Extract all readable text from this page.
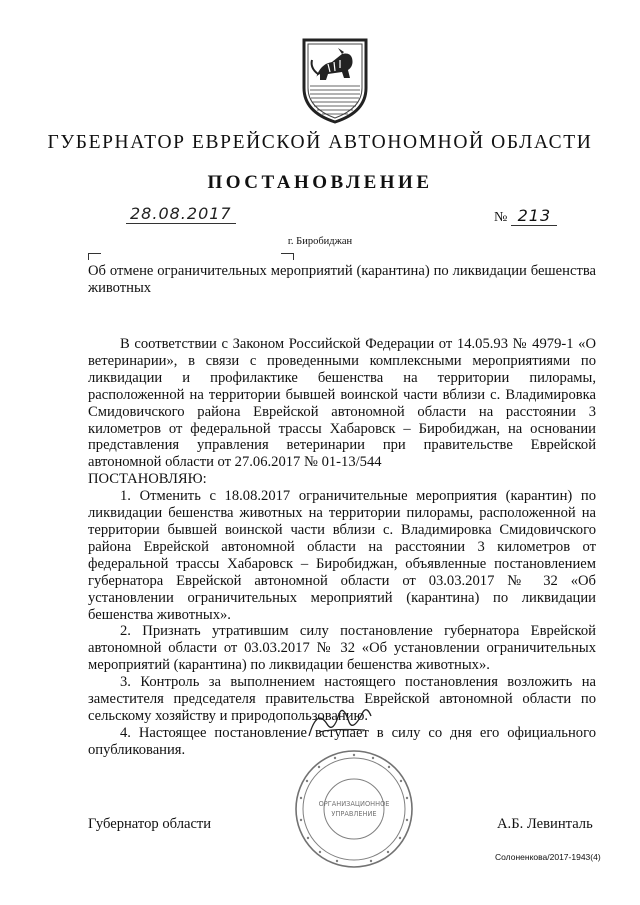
ГУБЕРНАТОР ЕВРЕЙСКОЙ АВТОНОМНОЙ ОБЛАСТИ
ПОСТАНОВЛЕНИЕ
28.08.2017	№ 213
г. Биробиджан
Об отмене ограничительных мероприятий (карантина) по ликвидации бешенства животных

В соответствии с Законом Российской Федерации от 14.05.93 № 4979-1 «О ветеринарии», в связи с проведенными комплексными мероприятиями по ликвидации и профилактике бешенства на территории пилорамы, расположенной на территории бывшей воинской части вблизи с. Владимировка Смидовичского района Еврейской автономной области на расстоянии 3 километров от федеральной трассы Хабаровск – Биробиджан, на основании представления управления ветеринарии при правительстве Еврейской автономной области от 27.06.2017 № 01-13/544

ПОСТАНОВЛЯЮ:

1. Отменить с 18.08.2017 ограничительные мероприятия (карантин) по ликвидации бешенства животных на территории пилорамы, расположенной на территории бывшей воинской части вблизи с. Владимировка Смидовичского района Еврейской автономной области на расстоянии 3 километров от федеральной трассы Хабаровск – Биробиджан, объявленные постановлением губернатора Еврейской автономной области от 03.03.2017 № 32 «Об установлении ограничительных мероприятий (карантина) по ликвидации бешенства животных».

2. Признать утратившим силу постановление губернатора Еврейской автономной области от 03.03.2017 № 32 «Об установлении ограничительных мероприятий (карантина) по ликвидации бешенства животных».

3. Контроль за выполнением настоящего постановления возложить на заместителя председателя правительства Еврейской автономной области по сельскому хозяйству и природопользованию.

4. Настоящее постановление вступает в силу со дня его официального опубликования.

ОРГАНИЗАЦИОННОЕ
УПРАВЛЕНИЕ
Губернатор области	А.Б. Левинталь
Солоненкова/2017-1943(4)
